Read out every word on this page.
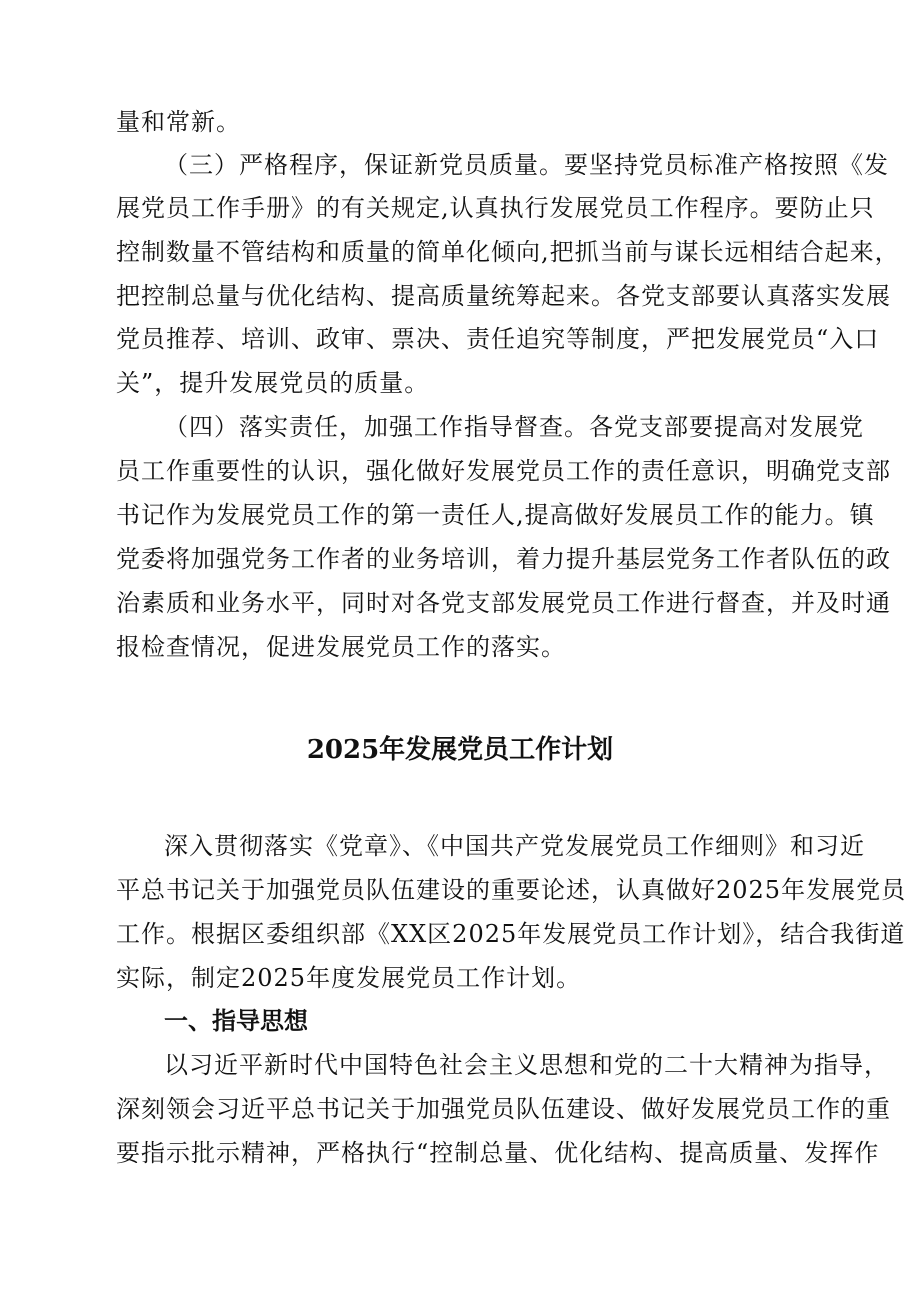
量和常新。
（三）严格程序，保证新党员质量。要坚持党员标准产格按照《发
展党员工作手册》的有关规定,认真执行发展党员工作程序。要防止只
控制数量不管结构和质量的简单化倾向,把抓当前与谋长远相结合起来，
把控制总量与优化结构、提高质量统筹起来。各党支部要认真落实发展
党员推荐、培训、政审、票决、责任追究等制度，严把发展党员“入口
关”，提升发展党员的质量。
（四）落实责任，加强工作指导督查。各党支部要提高对发展党
员工作重要性的认识，强化做好发展党员工作的责任意识，明确党支部
书记作为发展党员工作的第一责任人,提高做好发展员工作的能力。镇
党委将加强党务工作者的业务培训，着力提升基层党务工作者队伍的政
治素质和业务水平，同时对各党支部发展党员工作进行督查，并及时通
报检查情况，促进发展党员工作的落实。
2025年发展党员工作计划
深入贯彻落实《党章》、《中国共产党发展党员工作细则》和习近
平总书记关于加强党员队伍建设的重要论述，认真做好2025年发展党员
工作。根据区委组织部《XX区2025年发展党员工作计划》，结合我街道
实际，制定2025年度发展党员工作计划。
一、指导思想
以习近平新时代中国特色社会主义思想和党的二十大精神为指导，
深刻领会习近平总书记关于加强党员队伍建设、做好发展党员工作的重
要指示批示精神，严格执行“控制总量、优化结构、提高质量、发挥作
